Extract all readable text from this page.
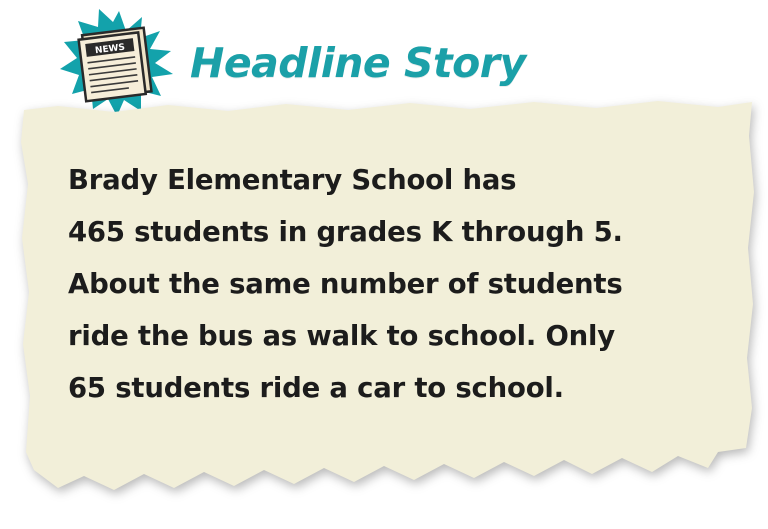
NEWS Headline Story
Brady Elementary School has
465 students in grades K through 5.
About the same number of students
ride the bus as walk to school. Only
65 students ride a car to school.
